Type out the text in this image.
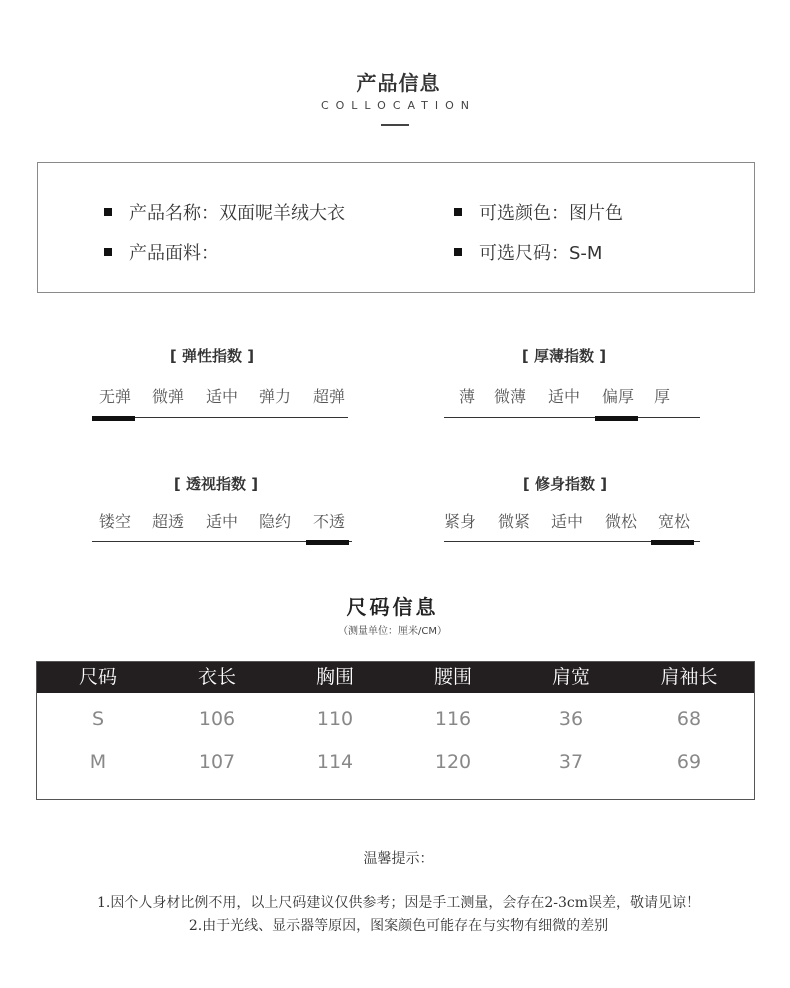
产品信息
COLLOCATION
产品名称：双面呢羊绒大衣	可选颜色：图片色
产品面料：	可选尺码：S-M
[ 弹性指数 ]
无弹	微弹	适中	弹力	超弹
[ 厚薄指数 ]
薄	微薄	适中	偏厚	厚
[ 透视指数 ]
镂空	超透	适中	隐约	不透
[ 修身指数 ]
紧身	微紧	适中	微松	宽松
尺码信息
（测量单位：厘米/CM）
尺码	衣长	胸围	腰围	肩宽	肩袖长
S	106	110	116	36	68
M	107	114	120	37	69
温馨提示：
1.因个人身材比例不用，以上尺码建议仅供参考；因是手工测量，会存在2-3cm误差，敬请见谅！
2.由于光线、显示器等原因，图案颜色可能存在与实物有细微的差别
